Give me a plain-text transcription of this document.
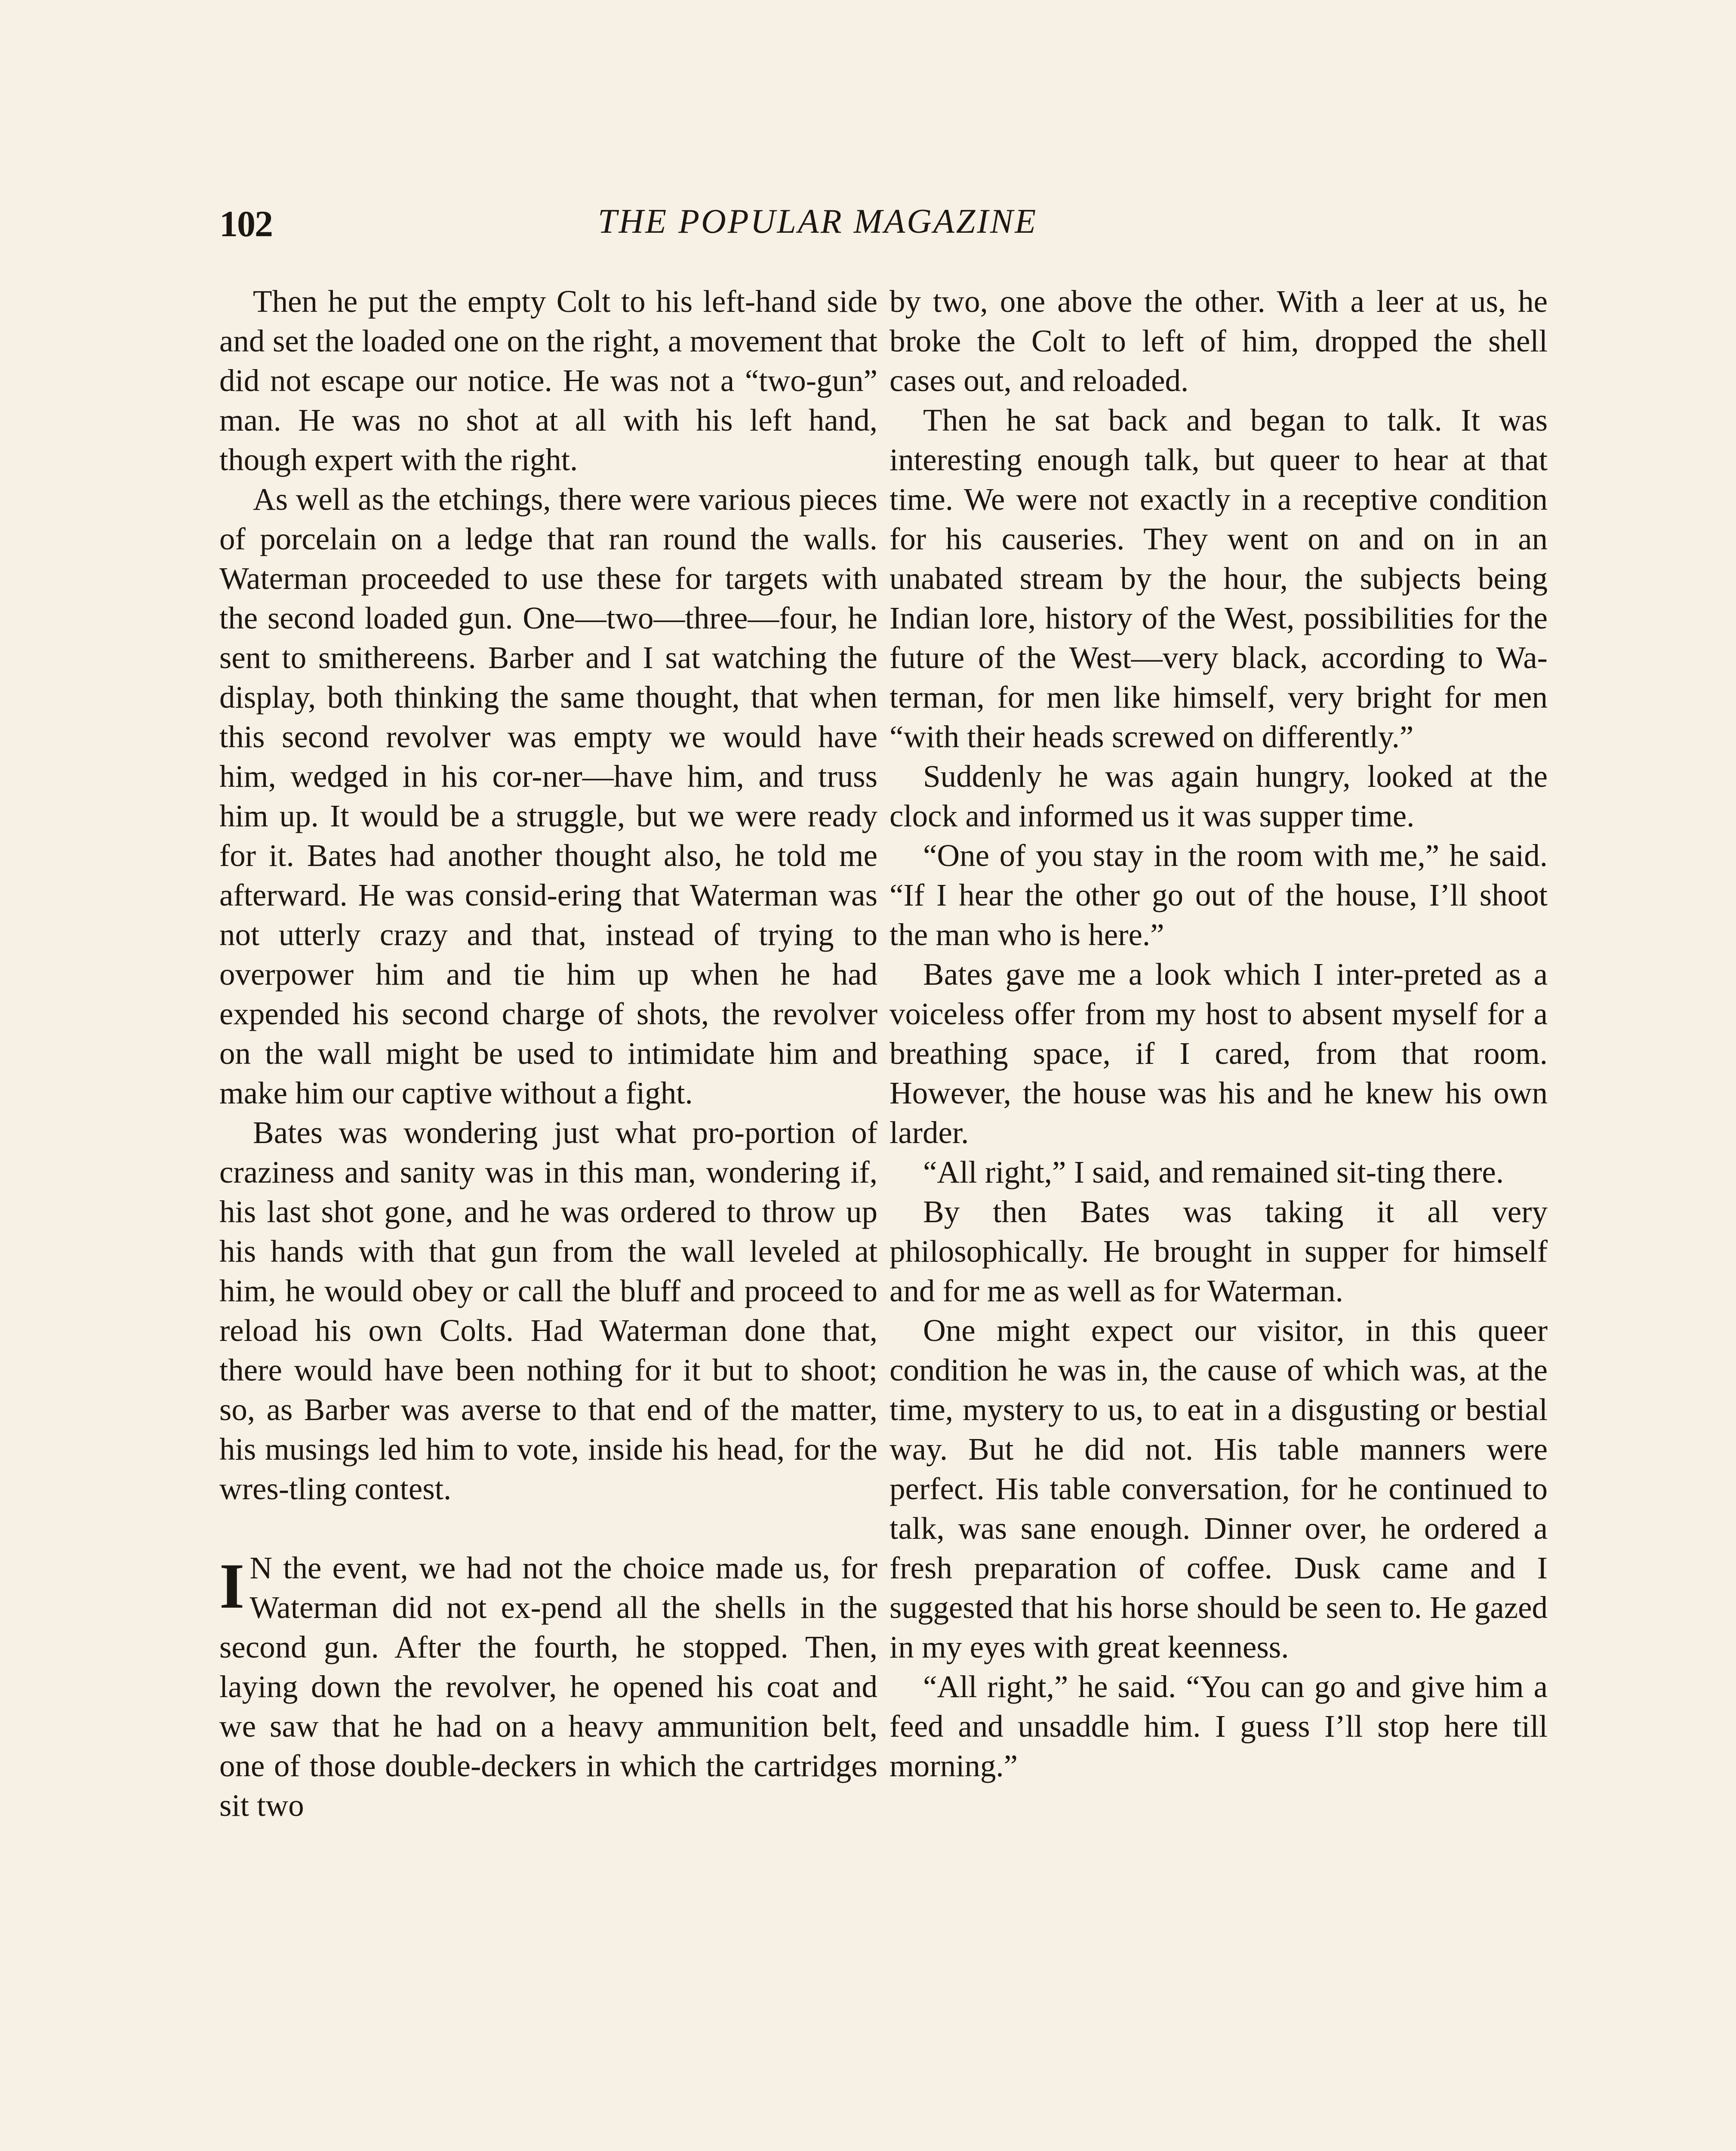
102	THE POPULAR MAGAZINE

Then he put the empty Colt to his left-hand side and set the loaded one on the right, a movement that did not escape our notice. He was not a “two-gun” man. He was no shot at all with his left hand, though expert with the right.

As well as the etchings, there were various pieces of porcelain on a ledge that ran round the walls. Waterman proceeded to use these for targets with the second loaded gun. One—two—three—four, he sent to smithereens. Barber and I sat watching the display, both thinking the same thought, that when this second revolver was empty we would have him, wedged in his cor-ner—have him, and truss him up. It would be a struggle, but we were ready for it. Bates had another thought also, he told me afterward. He was consid-ering that Waterman was not utterly crazy and that, instead of trying to overpower him and tie him up when he had expended his second charge of shots, the revolver on the wall might be used to intimidate him and make him our captive without a fight.

Bates was wondering just what pro-portion of craziness and sanity was in this man, wondering if, his last shot gone, and he was ordered to throw up his hands with that gun from the wall leveled at him, he would obey or call the bluff and proceed to reload his own Colts. Had Waterman done that, there would have been nothing for it but to shoot; so, as Barber was averse to that end of the matter, his musings led him to vote, inside his head, for the wres-tling contest.

I N the event, we had not the choice made us, for Waterman did not ex-pend all the shells in the second gun. After the fourth, he stopped. Then, laying down the revolver, he opened his coat and we saw that he had on a heavy ammunition belt, one of those double-deckers in which the cartridges sit two

by two, one above the other. With a leer at us, he broke the Colt to left of him, dropped the shell cases out, and reloaded.

Then he sat back and began to talk. It was interesting enough talk, but queer to hear at that time. We were not exactly in a receptive condition for his causeries. They went on and on in an unabated stream by the hour, the subjects being Indian lore, history of the West, possibilities for the future of the West—very black, according to Wa-terman, for men like himself, very bright for men “with their heads screwed on differently.”

Suddenly he was again hungry, looked at the clock and informed us it was supper time.

“One of you stay in the room with me,” he said. “If I hear the other go out of the house, I’ll shoot the man who is here.”

Bates gave me a look which I inter-preted as a voiceless offer from my host to absent myself for a breathing space, if I cared, from that room. However, the house was his and he knew his own larder.

“All right,” I said, and remained sit-ting there.

By then Bates was taking it all very philosophically. He brought in supper for himself and for me as well as for Waterman.

One might expect our visitor, in this queer condition he was in, the cause of which was, at the time, mystery to us, to eat in a disgusting or bestial way. But he did not. His table manners were perfect. His table conversation, for he continued to talk, was sane enough. Dinner over, he ordered a fresh preparation of coffee. Dusk came and I suggested that his horse should be seen to. He gazed in my eyes with great keenness.

“All right,” he said. “You can go and give him a feed and unsaddle him. I guess I’ll stop here till morning.”
